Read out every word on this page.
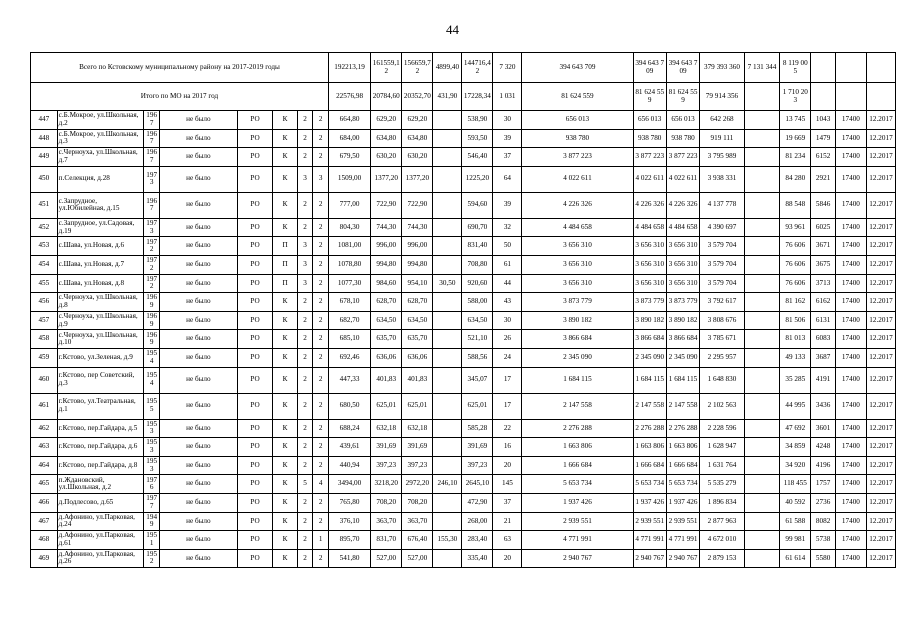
44
Всего по Кстовскому муниципальному району на 2017-2019 годы								192213,19	161559,12	156659,72	4899,40	144716,42	7 320	394 643 709	394 643 709	394 643 709	379 393 360	7 131 344	8 119 005			
Итого по МО на 2017 год								22576,98	20784,60	20352,70	431,90	17228,34	1 031	81 624 559	81 624 559	81 624 559	79 914 356		1 710 203			
447	с.Б.Мокрое, ул.Школьная, д.2	1967	не было	РО	К	2	2	664,80	629,20	629,20		538,90	30	656 013	656 013	656 013	642 268		13 745	1043	17400	12.2017
448	с.Б.Мокрое, ул.Школьная, д.3	1967	не было	РО	К	2	2	684,00	634,80	634,80		593,50	39	938 780	938 780	938 780	919 111		19 669	1479	17400	12.2017
449	с.Черноуха, ул.Школьная, д.7	1967	не было	РО	К	2	2	679,50	630,20	630,20		546,40	37	3 877 223	3 877 223	3 877 223	3 795 989		81 234	6152	17400	12.2017
450	п.Селекция, д.28	1973	не было	РО	К	3	3	1509,00	1377,20	1377,20		1225,20	64	4 022 611	4 022 611	4 022 611	3 938 331		84 280	2921	17400	12.2017
451	с.Запрудное, ул.Юбилейная, д.15	1967	не было	РО	К	2	2	777,00	722,90	722,90		594,60	39	4 226 326	4 226 326	4 226 326	4 137 778		88 548	5846	17400	12.2017
452	с.Запрудное, ул.Садовая, д.19	1973	не было	РО	К	2	2	804,30	744,30	744,30		690,70	32	4 484 658	4 484 658	4 484 658	4 390 697		93 961	6025	17400	12.2017
453	с.Шава, ул.Новая, д.6	1972	не было	РО	П	3	2	1081,00	996,00	996,00		831,40	50	3 656 310	3 656 310	3 656 310	3 579 704		76 606	3671	17400	12.2017
454	с.Шава, ул.Новая, д.7	1972	не было	РО	П	3	2	1078,80	994,80	994,80		708,80	61	3 656 310	3 656 310	3 656 310	3 579 704		76 606	3675	17400	12.2017
455	с.Шава, ул.Новая, д.8	1972	не было	РО	П	3	2	1077,30	984,60	954,10	30,50	920,60	44	3 656 310	3 656 310	3 656 310	3 579 704		76 606	3713	17400	12.2017
456	с.Черноуха, ул.Школьная, д.8	1969	не было	РО	К	2	2	678,10	628,70	628,70		588,00	43	3 873 779	3 873 779	3 873 779	3 792 617		81 162	6162	17400	12.2017
457	с.Черноуха, ул.Школьная, д.9	1969	не было	РО	К	2	2	682,70	634,50	634,50		634,50	30	3 890 182	3 890 182	3 890 182	3 808 676		81 506	6131	17400	12.2017
458	с.Черноуха, ул.Школьная, д.10	1969	не было	РО	К	2	2	685,10	635,70	635,70		521,10	26	3 866 684	3 866 684	3 866 684	3 785 671		81 013	6083	17400	12.2017
459	г.Кстово, ул.Зеленая, д.9	1954	не было	РО	К	2	2	692,46	636,06	636,06		588,56	24	2 345 090	2 345 090	2 345 090	2 295 957		49 133	3687	17400	12.2017
460	г.Кстово, пер Советский, д.3	1954	не было	РО	К	2	2	447,33	401,83	401,83		345,07	17	1 684 115	1 684 115	1 684 115	1 648 830		35 285	4191	17400	12.2017
461	г.Кстово, ул.Театральная, д.1	1955	не было	РО	К	2	2	680,50	625,01	625,01		625,01	17	2 147 558	2 147 558	2 147 558	2 102 563		44 995	3436	17400	12.2017
462	г.Кстово, пер.Гайдара, д.5	1953	не было	РО	К	2	2	688,24	632,18	632,18		585,28	22	2 276 288	2 276 288	2 276 288	2 228 596		47 692	3601	17400	12.2017
463	г.Кстово, пер.Гайдара, д.6	1953	не было	РО	К	2	2	439,61	391,69	391,69		391,69	16	1 663 806	1 663 806	1 663 806	1 628 947		34 859	4248	17400	12.2017
464	г.Кстово, пер.Гайдара, д.8	1953	не было	РО	К	2	2	440,94	397,23	397,23		397,23	20	1 666 684	1 666 684	1 666 684	1 631 764		34 920	4196	17400	12.2017
465	п.Ждановский, ул.Школьная, д.2	1976	не было	РО	К	5	4	3494,00	3218,20	2972,20	246,10	2645,10	145	5 653 734	5 653 734	5 653 734	5 535 279		118 455	1757	17400	12.2017
466	д.Подлесово, д.65	1977	не было	РО	К	2	2	765,80	708,20	708,20		472,90	37	1 937 426	1 937 426	1 937 426	1 896 834		40 592	2736	17400	12.2017
467	д.Афонино, ул.Парковая, д.24	1949	не было	РО	К	2	2	376,10	363,70	363,70		268,00	21	2 939 551	2 939 551	2 939 551	2 877 963		61 588	8082	17400	12.2017
468	д.Афонино, ул.Парковая, д.61	1951	не было	РО	К	2	1	895,70	831,70	676,40	155,30	283,40	63	4 771 991	4 771 991	4 771 991	4 672 010		99 981	5738	17400	12.2017
469	д.Афонино, ул.Парковая, д.26	1952	не было	РО	К	2	2	541,80	527,00	527,00		335,40	20	2 940 767	2 940 767	2 940 767	2 879 153		61 614	5580	17400	12.2017
